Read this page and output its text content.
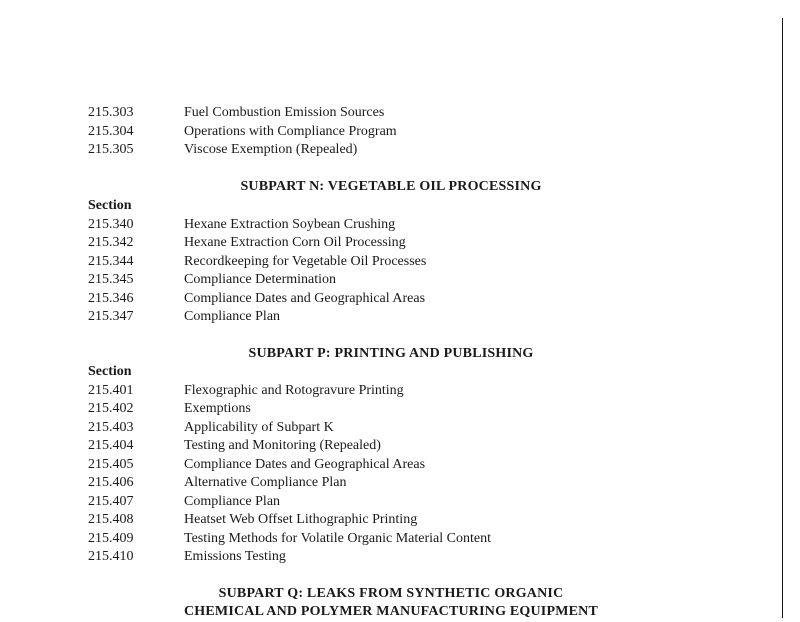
215.303	Fuel Combustion Emission Sources
215.304	Operations with Compliance Program
215.305	Viscose Exemption (Repealed)
SUBPART N: VEGETABLE OIL PROCESSING
Section
215.340	Hexane Extraction Soybean Crushing
215.342	Hexane Extraction Corn Oil Processing
215.344	Recordkeeping for Vegetable Oil Processes
215.345	Compliance Determination
215.346	Compliance Dates and Geographical Areas
215.347	Compliance Plan
SUBPART P: PRINTING AND PUBLISHING
Section
215.401	Flexographic and Rotogravure Printing
215.402	Exemptions
215.403	Applicability of Subpart K
215.404	Testing and Monitoring (Repealed)
215.405	Compliance Dates and Geographical Areas
215.406	Alternative Compliance Plan
215.407	Compliance Plan
215.408	Heatset Web Offset Lithographic Printing
215.409	Testing Methods for Volatile Organic Material Content
215.410	Emissions Testing
SUBPART Q: LEAKS FROM SYNTHETIC ORGANIC
CHEMICAL AND POLYMER MANUFACTURING EQUIPMENT
